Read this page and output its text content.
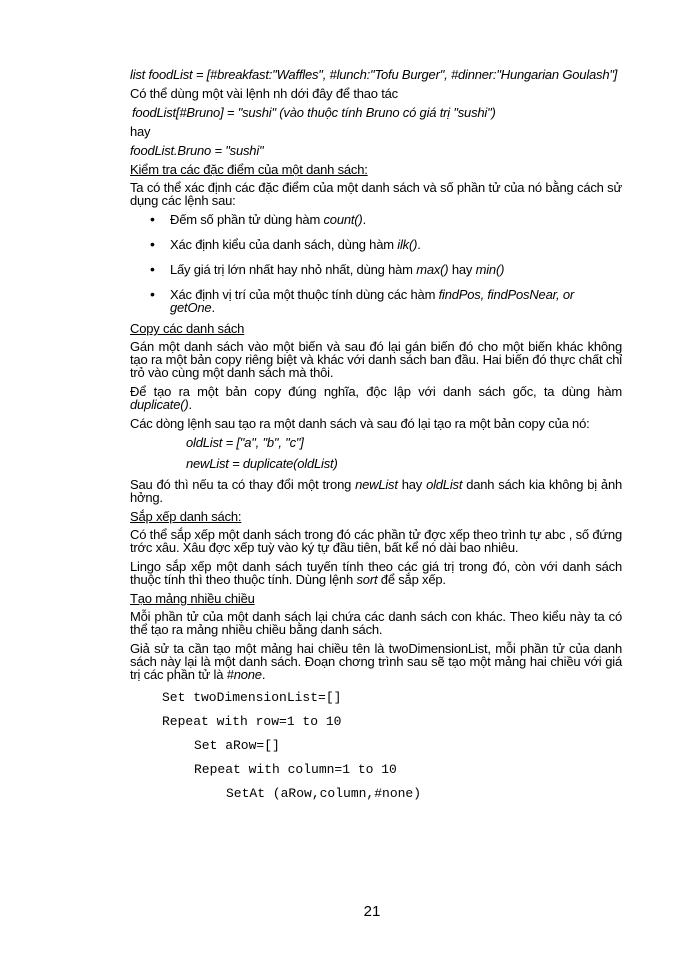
list foodList = [#breakfast:"Waffles", #lunch:"Tofu Burger", #dinner:"Hungarian Goulash"]

Có thể dùng một vài lệnh nh dới đây để thao tác

foodList[#Bruno] = "sushi" (vào thuộc tính Bruno có giá trị "sushi")

hay

foodList.Bruno = "sushi"

Kiểm tra các đặc điểm của một danh sách:

Ta có thể xác định các đặc điểm của một danh sách và số phần tử của nó bằng cách sử dụng các lệnh sau:

• Đếm số phần tử dùng hàm count().
• Xác định kiểu của danh sách, dùng hàm ilk().
• Lấy giá trị lớn nhất hay nhỏ nhất, dùng hàm max() hay min()
• Xác định vị trí của một thuộc tính dùng các hàm findPos, findPosNear, or getOne.

Copy các danh sách

Gán một danh sách vào một biến và sau đó lại gán biến đó cho một biến khác không tạo ra một bản copy riêng biệt và khác với danh sách ban đầu. Hai biến đó thực chất chỉ trỏ vào cùng một danh sách mà thôi.

Để tạo ra một bản copy đúng nghĩa, độc lập với danh sách gốc, ta dùng hàm duplicate().

Các dòng lệnh sau tạo ra một danh sách và sau đó lại tạo ra một bản copy của nó:

oldList = ["a", "b", "c"]

newList = duplicate(oldList)

Sau đó thì nếu ta có thay đổi một trong newList hay oldList danh sách kia không bị ảnh hởng.

Sắp xếp danh sách:

Có thể sắp xếp một danh sách trong đó các phần tử đợc xếp theo trình tự abc , số đứng trớc xâu. Xâu đợc xếp tuỳ vào ký tự đầu tiên, bất kể nó dài bao nhiêu.

Lingo sắp xếp một danh sách tuyến tính theo các giá trị trong đó, còn với danh sách thuộc tính thì theo thuộc tính. Dùng lệnh sort để sắp xếp.

Tạo mảng nhiều chiều

Mỗi phần tử của một danh sách lại chứa các danh sách con khác. Theo kiểu này ta có thể tạo ra mảng nhiều chiều bằng danh sách.

Giả sử ta cần tạo một mảng hai chiều tên là twoDimensionList, mỗi phần tử của danh sách này lại là một danh sách. Đoạn chơng trình sau sẽ tạo một mảng hai chiều với giá trị các phần tử là #none.

Set twoDimensionList=[]
Repeat with row=1 to 10
Set aRow=[]
Repeat with column=1 to 10
SetAt (aRow,column,#none)
21
